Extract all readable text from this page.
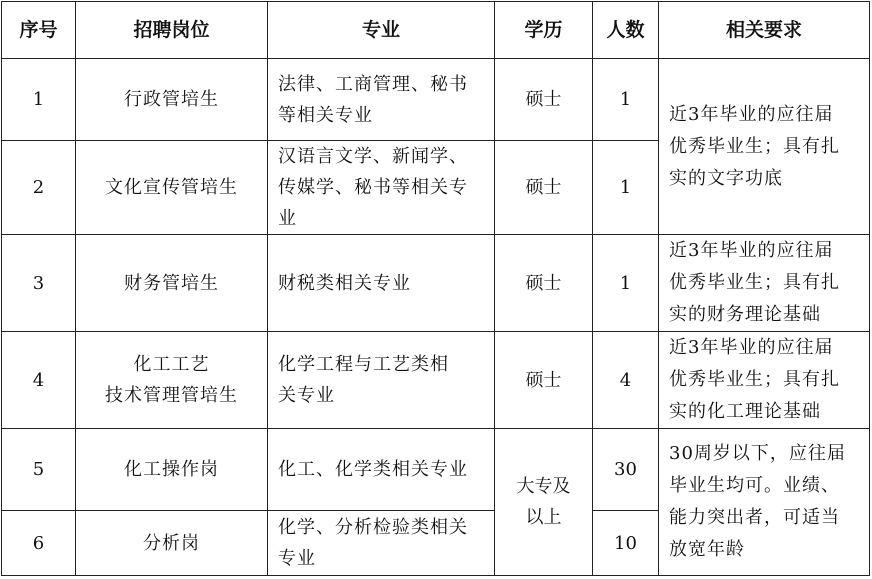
序号	招聘岗位	专业	学历	人数	相关要求
1	行政管培生	法律、工商管理、秘书
等相关专业	硕士	1	近3年毕业的应往届
优秀毕业生；具有扎
实的文字功底

2	文化宣传管培生	汉语言文学、新闻学、
传媒学、秘书等相关专
业	硕士	1	
3	财务管培生	财税类相关专业	硕士	1	近3年毕业的应往届
优秀毕业生；具有扎
实的财务理论基础

4	化工工艺
技术管理管培生	化学工程与工艺类相
关专业	硕士	4	近3年毕业的应往届
优秀毕业生；具有扎
实的化工理论基础

5	化工操作岗	化工、化学类相关专业	大专及
以上	30	30周岁以下，应往届
毕业生均可。业绩、
能力突出者，可适当
放宽年龄

6	分析岗	化学、分析检验类相关
专业		10	
